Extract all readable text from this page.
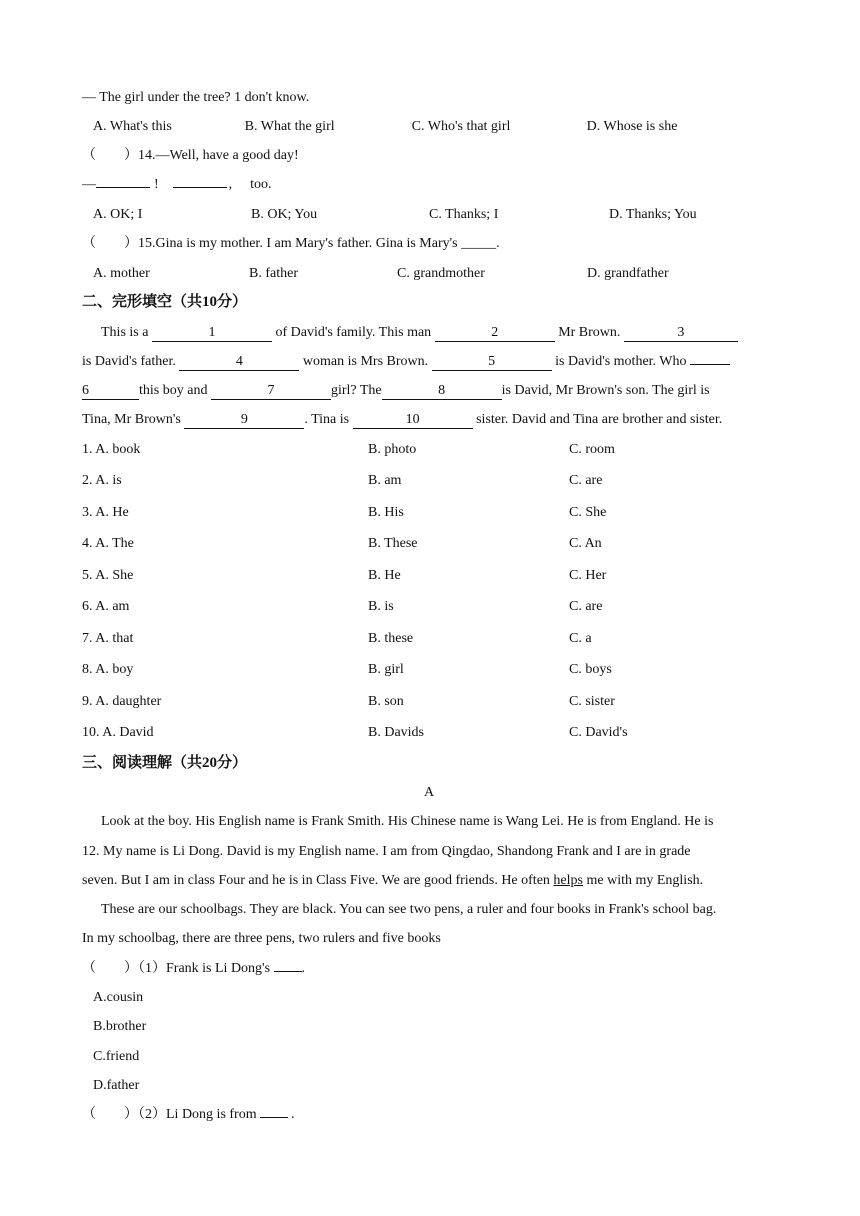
— The girl under the tree? 1 don't know.
A. What's this	$^ʿ$B. What the girl	$^ʿ$C. Who's that girl	$^ʿ$D. Whose is she
（　　）14.—Well, have a good day!
—	!	, too.
A. OK; I	B. OK; You	C. Thanks; I	D. Thanks; You
（　　）15.Gina is my mother. I am Mary's father. Gina is Mary's _____.
A. mother	B. father	C. grandmother	D. grandfather
二、完形填空（共10分）
This is a	1	of David's family. This man	2	Mr Brown.	3
is David's father.	4	woman is Mrs Brown.	5	is David's mother. Who
6	this boy and	7	girl? The	8	is David, Mr Brown's son. The girl is
Tina, Mr Brown's	9	. Tina is	10	sister. David and Tina are brother and sister.
1. A. book	B. photo	C. room
2. A. is	B. am	C. are
3. A. He	B. His	C. She
4. A. The	B. These	C. An
5. A. She	B. He	C. Her
6. A. am	B. is	C. are
7. A. that	B. these	C. a
8. A. boy	B. girl	C. boys
9. A. daughter	B. son	C. sister
10. A. David	B. Davids	C. David's
三、阅读理解（共20分）
A
Look at the boy. His English name is Frank Smith. His Chinese name is Wang Lei. He is from England. He is
12. My name is Li Dong. David is my English name. I am from Qingdao, Shandong Frank and I are in grade
seven. But I am in class Four and he is in Class Five. We are good friends. He often helps me with my English.
These are our schoolbags. They are black. You can see two pens, a ruler and four books in Frank's school bag.
In my schoolbag, there are three pens, two rulers and five books
（　　）（1）Frank is Li Dong's .
A.cousin
B.brother
C.friend
D.father
（　　）（2）Li Dong is from .
